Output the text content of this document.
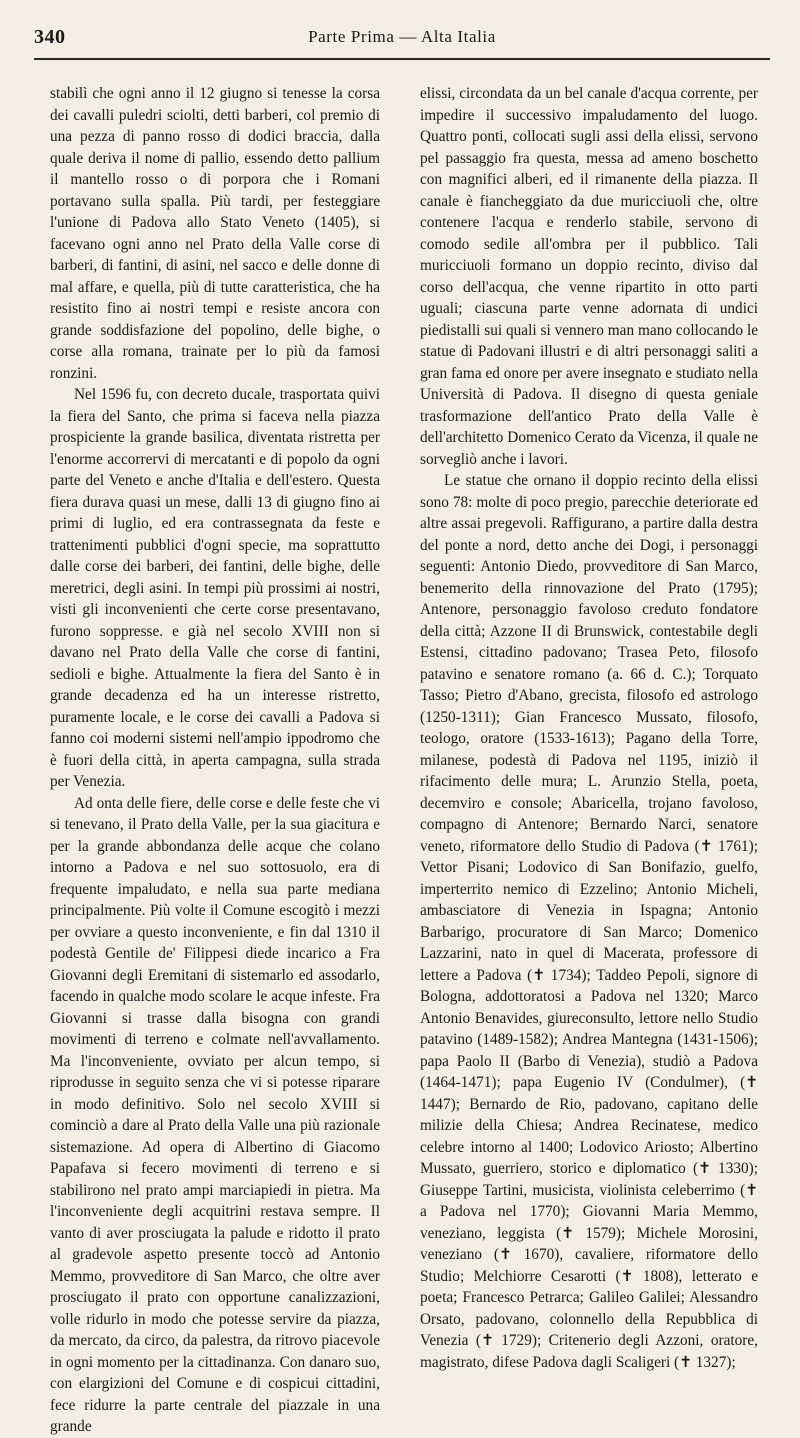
340	Parte Prima — Alta Italia

stabilì che ogni anno il 12 giugno si tenesse la corsa dei cavalli puledri sciolti, detti barberi, col premio di una pezza di panno rosso di dodici braccia, dalla quale deriva il nome di pallio, essendo detto pallium il mantello rosso o di porpora che i Romani portavano sulla spalla. Più tardi, per festeggiare l'unione di Padova allo Stato Veneto (1405), si facevano ogni anno nel Prato della Valle corse di barberi, di fantini, di asini, nel sacco e delle donne di mal affare, e quella, più di tutte caratteristica, che ha resistito fino ai nostri tempi e resiste ancora con grande soddisfazione del popolino, delle bighe, o corse alla romana, trainate per lo più da famosi ronzini.

Nel 1596 fu, con decreto ducale, trasportata quivi la fiera del Santo, che prima si faceva nella piazza prospiciente la grande basilica, diventata ristretta per l'enorme accorrervi di mercatanti e di popolo da ogni parte del Veneto e anche d'Italia e dell'estero. Questa fiera durava quasi un mese, dalli 13 di giugno fino ai primi di luglio, ed era contrassegnata da feste e trattenimenti pubblici d'ogni specie, ma soprattutto dalle corse dei barberi, dei fantini, delle bighe, delle meretrici, degli asini. In tempi più prossimi ai nostri, visti gli inconvenienti che certe corse presentavano, furono soppresse. e già nel secolo XVIII non si davano nel Prato della Valle che corse di fantini, sedioli e bighe. Attualmente la fiera del Santo è in grande decadenza ed ha un interesse ristretto, puramente locale, e le corse dei cavalli a Padova si fanno coi moderni sistemi nell'ampio ippodromo che è fuori della città, in aperta campagna, sulla strada per Venezia.

Ad onta delle fiere, delle corse e delle feste che vi si tenevano, il Prato della Valle, per la sua giacitura e per la grande abbondanza delle acque che colano intorno a Padova e nel suo sottosuolo, era di frequente impaludato, e nella sua parte mediana principalmente. Più volte il Comune escogitò i mezzi per ovviare a questo inconveniente, e fin dal 1310 il podestà Gentile de' Filippesi diede incarico a Fra Giovanni degli Eremitani di sistemarlo ed assodarlo, facendo in qualche modo scolare le acque infeste. Fra Giovanni si trasse dalla bisogna con grandi movimenti di terreno e colmate nell'avvallamento. Ma l'inconveniente, ovviato per alcun tempo, si riprodusse in seguito senza che vi si potesse riparare in modo definitivo. Solo nel secolo XVIII si cominciò a dare al Prato della Valle una più razionale sistemazione. Ad opera di Albertino di Giacomo Papafava si fecero movimenti di terreno e si stabilirono nel prato ampi marciapiedi in pietra. Ma l'inconveniente degli acquitrini restava sempre. Il vanto di aver prosciugata la palude e ridotto il prato al gradevole aspetto presente toccò ad Antonio Memmo, provveditore di San Marco, che oltre aver prosciugato il prato con opportune canalizzazioni, volle ridurlo in modo che potesse servire da piazza, da mercato, da circo, da palestra, da ritrovo piacevole in ogni momento per la cittadinanza. Con danaro suo, con elargizioni del Comune e di cospicui cittadini, fece ridurre la parte centrale del piazzale in una grande

elissi, circondata da un bel canale d'acqua corrente, per impedire il successivo impaludamento del luogo. Quattro ponti, collocati sugli assi della elissi, servono pel passaggio fra questa, messa ad ameno boschetto con magnifici alberi, ed il rimanente della piazza. Il canale è fiancheggiato da due muricciuoli che, oltre contenere l'acqua e renderlo stabile, servono di comodo sedile all'ombra per il pubblico. Tali muricciuoli formano un doppio recinto, diviso dal corso dell'acqua, che venne ripartito in otto parti uguali; ciascuna parte venne adornata di undici piedistalli sui quali si vennero man mano collocando le statue di Padovani illustri e di altri personaggi saliti a gran fama ed onore per avere insegnato e studiato nella Università di Padova. Il disegno di questa geniale trasformazione dell'antico Prato della Valle è dell'architetto Domenico Cerato da Vicenza, il quale ne sorvegliò anche i lavori.

Le statue che ornano il doppio recinto della elissi sono 78: molte di poco pregio, parecchie deteriorate ed altre assai pregevoli. Raffigurano, a partire dalla destra del ponte a nord, detto anche dei Dogi, i personaggi seguenti: Antonio Diedo, provveditore di San Marco, benemerito della rinnovazione del Prato (1795); Antenore, personaggio favoloso creduto fondatore della città; Azzone II di Brunswick, contestabile degli Estensi, cittadino padovano; Trasea Peto, filosofo patavino e senatore romano (a. 66 d. C.); Torquato Tasso; Pietro d'Abano, grecista, filosofo ed astrologo (1250-1311); Gian Francesco Mussato, filosofo, teologo, oratore (1533-1613); Pagano della Torre, milanese, podestà di Padova nel 1195, iniziò il rifacimento delle mura; L. Arunzio Stella, poeta, decemviro e console; Abaricella, trojano favoloso, compagno di Antenore; Bernardo Narci, senatore veneto, riformatore dello Studio di Padova (✝ 1761); Vettor Pisani; Lodovico di San Bonifazio, guelfo, imperterrito nemico di Ezzelino; Antonio Micheli, ambasciatore di Venezia in Ispagna; Antonio Barbarigo, procuratore di San Marco; Domenico Lazzarini, nato in quel di Macerata, professore di lettere a Padova (✝ 1734); Taddeo Pepoli, signore di Bologna, addottoratosi a Padova nel 1320; Marco Antonio Benavides, giureconsulto, lettore nello Studio patavino (1489-1582); Andrea Mantegna (1431-1506); papa Paolo II (Barbo di Venezia), studiò a Padova (1464-1471); papa Eugenio IV (Condulmer), (✝ 1447); Bernardo de Rio, padovano, capitano delle milizie della Chiesa; Andrea Recinatese, medico celebre intorno al 1400; Lodovico Ariosto; Albertino Mussato, guerriero, storico e diplomatico (✝ 1330); Giuseppe Tartini, musicista, violinista celeberrimo (✝ a Padova nel 1770); Giovanni Maria Memmo, veneziano, leggista (✝ 1579); Michele Morosini, veneziano (✝ 1670), cavaliere, riformatore dello Studio; Melchiorre Cesarotti (✝ 1808), letterato e poeta; Francesco Petrarca; Galileo Galilei; Alessandro Orsato, padovano, colonnello della Repubblica di Venezia (✝ 1729); Critenerio degli Azzoni, oratore, magistrato, difese Padova dagli Scaligeri (✝ 1327);
